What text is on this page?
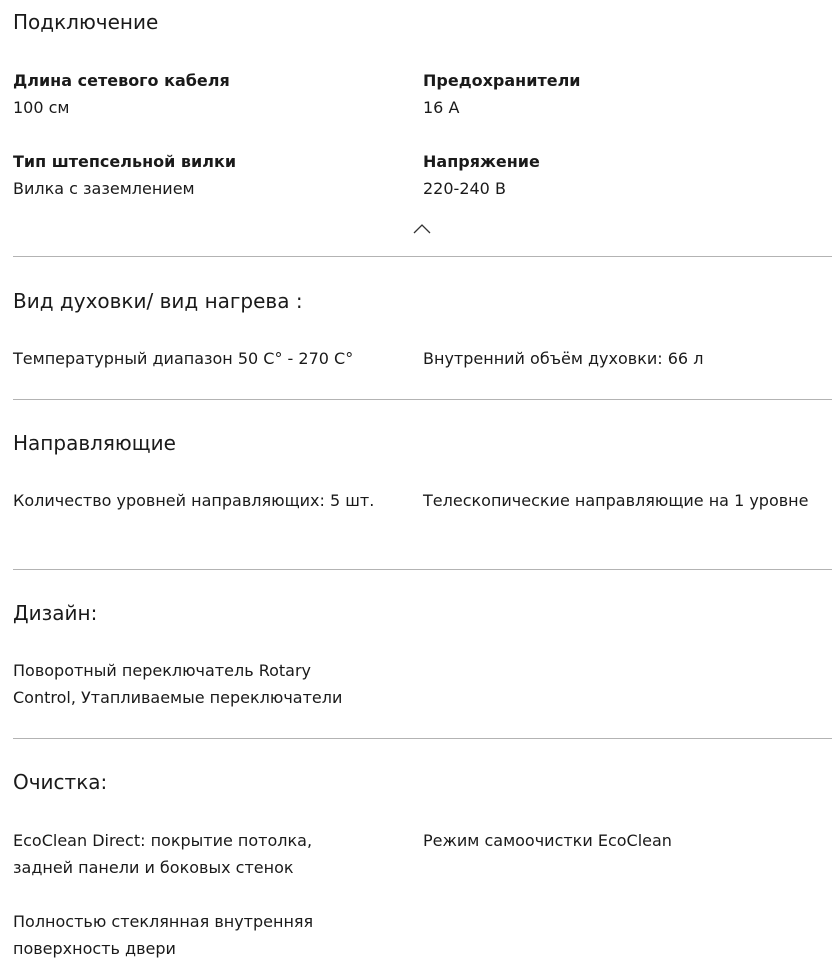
Подключение
Длина сетевого кабеля
100 см
Предохранители
16 А
Тип штепсельной вилки
Вилка с заземлением
Напряжение
220-240 В
Вид духовки/ вид нагрева :
Температурный диапазон 50 С° - 270 С°	Внутренний объём духовки: 66 л
Направляющие
Количество уровней направляющих: 5 шт.	Телескопические направляющие на 1 уровне
Дизайн:
Поворотный переключатель Rotary Control, Утапливаемые переключатели
Очистка:
EcoClean Direct: покрытие потолка, задней панели и боковых стенок
Режим самоочистки EcoClean
Полностью стеклянная внутренняя поверхность двери
